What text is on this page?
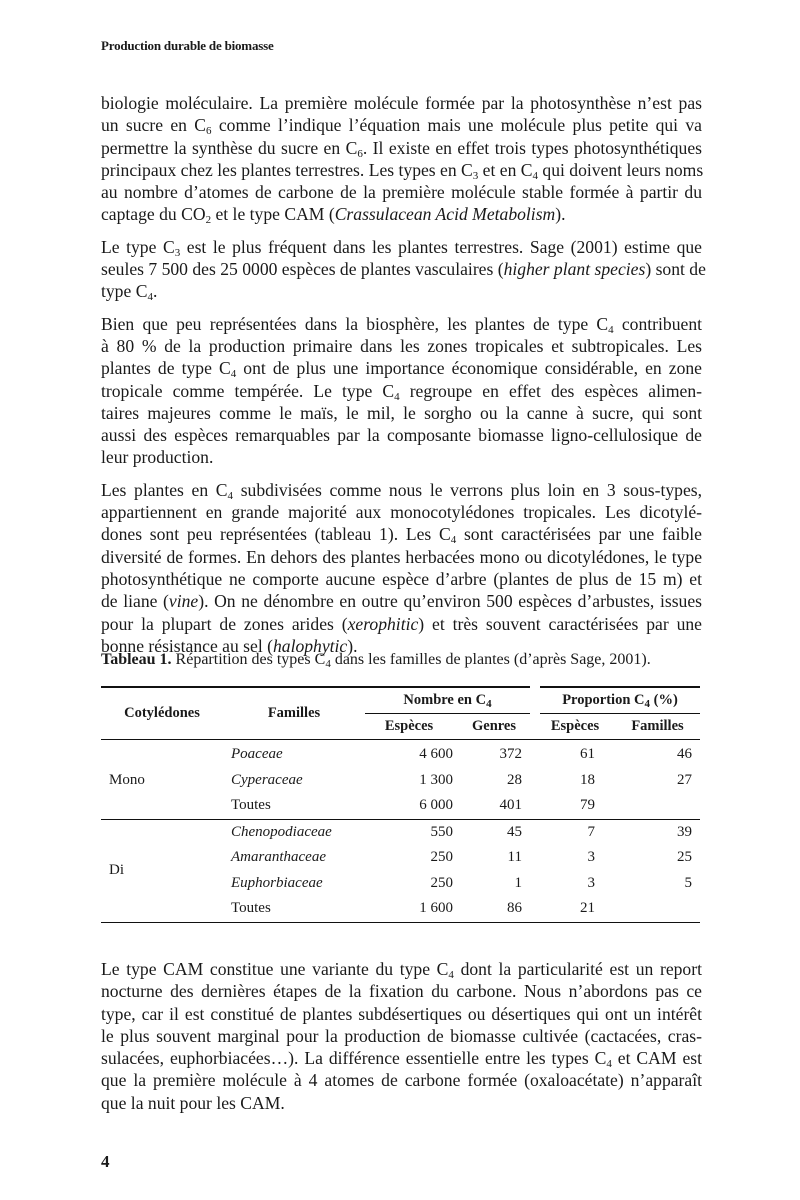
Production durable de biomasse
biologie moléculaire. La première molécule formée par la photosynthèse n’est pas
un sucre en $C_6$ comme l’indique l’équation mais une molécule plus petite qui va
permettre la synthèse du sucre en $C_6$. Il existe en effet trois types photosynthétiques
principaux chez les plantes terrestres. Les types en $C_3$ et en $C_4$ qui doivent leurs noms
au nombre d’atomes de carbone de la première molécule stable formée à partir du
captage du $CO_2$ et le type CAM (Crassulacean Acid Metabolism).
Le type $C_3$ est le plus fréquent dans les plantes terrestres. Sage (2001) estime que
seules 7 500 des 25 0000 espèces de plantes vasculaires (higher plant species) sont de
type $C_4$.
Bien que peu représentées dans la biosphère, les plantes de type $C_4$ contribuent
à 80 % de la production primaire dans les zones tropicales et subtropicales. Les
plantes de type $C_4$ ont de plus une importance économique considérable, en zone
tropicale comme tempérée. Le type $C_4$ regroupe en effet des espèces alimen-
taires majeures comme le maïs, le mil, le sorgho ou la canne à sucre, qui sont
aussi des espèces remarquables par la composante biomasse ligno-cellulosique de
leur production.
Les plantes en $C_4$ subdivisées comme nous le verrons plus loin en 3 sous-types,
appartiennent en grande majorité aux monocotylédones tropicales. Les dicotylé-
dones sont peu représentées (tableau 1). Les $C_4$ sont caractérisées par une faible
diversité de formes. En dehors des plantes herbacées mono ou dicotylédones, le type
photosynthétique ne comporte aucune espèce d’arbre (plantes de plus de 15 m) et
de liane (vine). On ne dénombre en outre qu’environ 500 espèces d’arbustes, issues
pour la plupart de zones arides (xerophitic) et très souvent caractérisées par une
bonne résistance au sel (halophytic).
Tableau 1. Répartition des types $C_4$ dans les familles de plantes (d’après Sage, 2001).
Cotylédones	Familles	Nombre en $C_4$		Proportion $C_4$ (%)	
		Espèces	Genres	Espèces	Familles
Mono	Poaceae	4 600	372	61	46
	Cyperaceae	1 300	28	18	27
	Toutes	6 000	401	79	
Di	Chenopodiaceae	550	45	7	39
	Amaranthaceae	250	11	3	25
	Euphorbiaceae	250	1	3	5
	Toutes	1 600	86	21	
Le type CAM constitue une variante du type $C_4$ dont la particularité est un report
nocturne des dernières étapes de la fixation du carbone. Nous n’abordons pas ce
type, car il est constitué de plantes subdésertiques ou désertiques qui ont un intérêt
le plus souvent marginal pour la production de biomasse cultivée (cactacées, cras-
sulacées, euphorbiacées…). La différence essentielle entre les types $C_4$ et CAM est
que la première molécule à 4 atomes de carbone formée (oxaloacétate) n’apparaît
que la nuit pour les CAM.
4
